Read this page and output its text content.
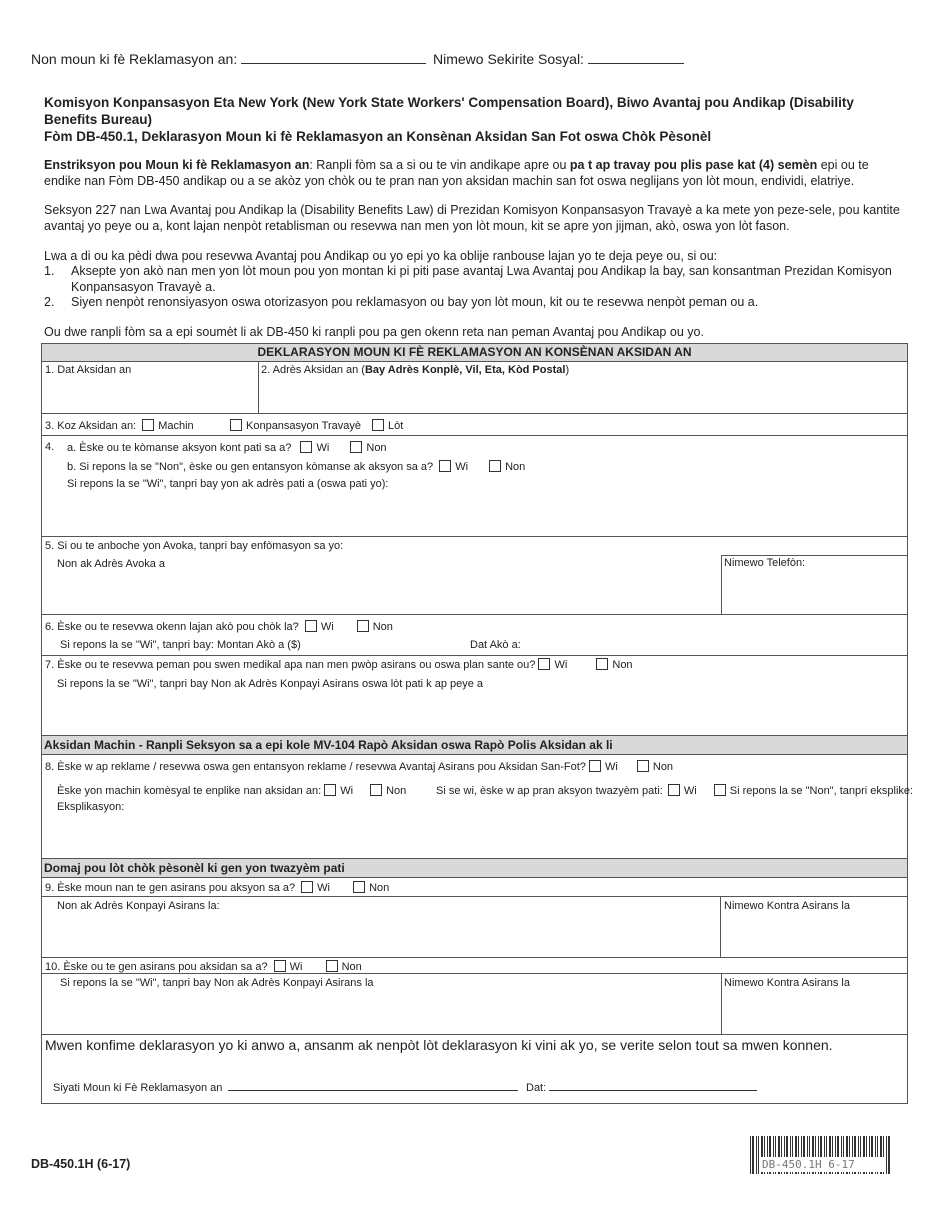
Non moun ki fè Reklamasyon an:	Nimewo Sekirite Sosyal:
Komisyon Konpansasyon Eta New York (New York State Workers' Compensation Board), Biwo Avantaj pou Andikap (Disability Benefits Bureau)
Fòm DB-450.1, Deklarasyon Moun ki fè Reklamasyon an Konsènan Aksidan San Fot oswa Chòk Pèsonèl
Enstriksyon pou Moun ki fè Reklamasyon an: Ranpli fòm sa a si ou te vin andikape apre ou pa t ap travay pou plis pase kat (4) semèn epi ou te endike nan Fòm DB-450 andikap ou a se akòz yon chòk ou te pran nan yon aksidan machin san fot oswa neglijans yon lòt moun, endividi, elatriye.
Seksyon 227 nan Lwa Avantaj pou Andikap la (Disability Benefits Law) di Prezidan Komisyon Konpansasyon Travayè a ka mete yon peze-sele, pou kantite avantaj yo peye ou a, kont lajan nenpòt retablisman ou resevwa nan men yon lòt moun, kit se apre yon jijman, akò, oswa yon lòt fason.
Lwa a di ou ka pèdi dwa pou resevwa Avantaj pou Andikap ou yo epi yo ka oblije ranbouse lajan yo te deja peye ou, si ou:
1. Aksepte yon akò nan men yon lòt moun pou yon montan ki pi piti pase avantaj Lwa Avantaj pou Andikap la bay, san konsantman Prezidan Komisyon Konpansasyon Travayè a.
2. Siyen nenpòt renonsiyasyon oswa otorizasyon pou reklamasyon ou bay yon lòt moun, kit ou te resevwa nenpòt peman ou a.
Ou dwe ranpli fòm sa a epi soumèt li ak DB-450 ki ranpli pou pa gen okenn reta nan peman Avantaj pou Andikap ou yo.
DEKLARASYON MOUN KI FÈ REKLAMASYON AN KONSÈNAN AKSIDAN AN
1. Dat Aksidan an	2. Adrès Aksidan an (Bay Adrès Konplè, Vil, Eta, Kòd Postal)
3. Koz Aksidan an: Machin	Konpansasyon Travayè	Lòt
4. a. Èske ou te kòmanse aksyon kont pati sa a? Wi	Non
b. Si repons la se "Non", èske ou gen entansyon kòmanse ak aksyon sa a? Wi	Non
Si repons la se "Wi", tanpri bay yon ak adrès pati a (oswa pati yo):
5. Si ou te anboche yon Avoka, tanpri bay enfòmasyon sa yo:
Non ak Adrès Avoka a	Nimewo Telefòn:
6. Èske ou te resevwa okenn lajan akò pou chòk la? Wi	Non
Si repons la se "Wi", tanpri bay: Montan Akò a ($)	Dat Akò a:
7. Èske ou te resevwa peman pou swen medikal apa nan men pwòp asirans ou oswa plan sante ou? Wi	Non
Si repons la se "Wi", tanpri bay Non ak Adrès Konpayi Asirans oswa lòt pati k ap peye a
Aksidan Machin - Ranpli Seksyon sa a epi kole MV-104 Rapò Aksidan oswa Rapò Polis Aksidan ak li
8. Èske w ap reklame / resevwa oswa gen entansyon reklame / resevwa Avantaj Asirans pou Aksidan San-Fot? Wi	Non
Èske yon machin komèsyal te enplike nan aksidan an: Wi	Non	Si se wi, èske w ap pran aksyon twazyèm pati: Wi	Si repons la se "Non", tanpri eksplike:
Eksplikasyon:
Domaj pou lòt chòk pèsonèl ki gen yon twazyèm pati
9. Èske moun nan te gen asirans pou aksyon sa a? Wi	Non
Non ak Adrès Konpayi Asirans la:	Nimewo Kontra Asirans la
10. Èske ou te gen asirans pou aksidan sa a? Wi	Non
Si repons la se "Wi", tanpri bay Non ak Adrès Konpayi Asirans la	Nimewo Kontra Asirans la
Mwen konfime deklarasyon yo ki anwo a, ansanm ak nenpòt lòt deklarasyon ki vini ak yo, se verite selon tout sa mwen konnen.
Siyati Moun ki Fè Reklamasyon an	Dat:
DB-450.1H (6-17)	DB-450.1H 6-17
